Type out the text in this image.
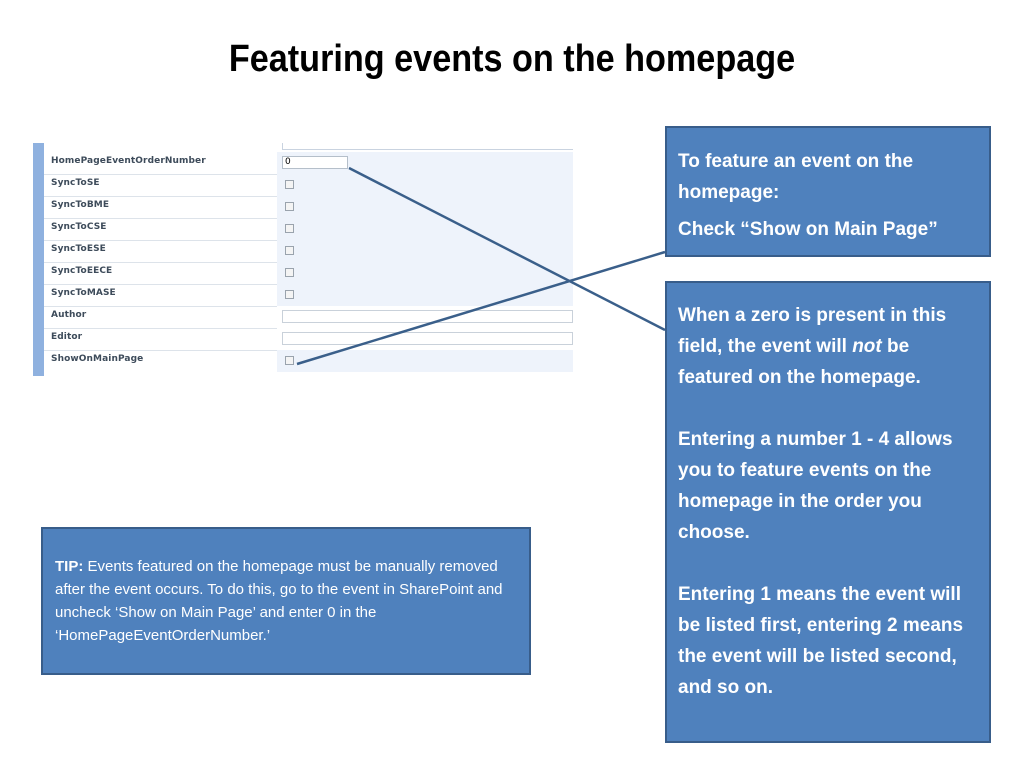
Featuring events on the homepage
HomePageEventOrderNumber	0
SyncToSE
SyncToBME
SyncToCSE
SyncToESE
SyncToEECE
SyncToMASE
Author
Editor
ShowOnMainPage

To feature an event on the homepage:

Check “Show on Main Page”

When a zero is present in this field, the event will not be featured on the homepage.

Entering a number 1 - 4 allows you to feature events on the homepage in the order you choose.

Entering 1 means the event will be listed first, entering 2 means the event will be listed second, and so on.

TIP: Events featured on the homepage must be manually removed after the event occurs. To do this, go to the event in SharePoint and uncheck ‘Show on Main Page’ and enter 0 in the ‘HomePageEventOrderNumber.’
